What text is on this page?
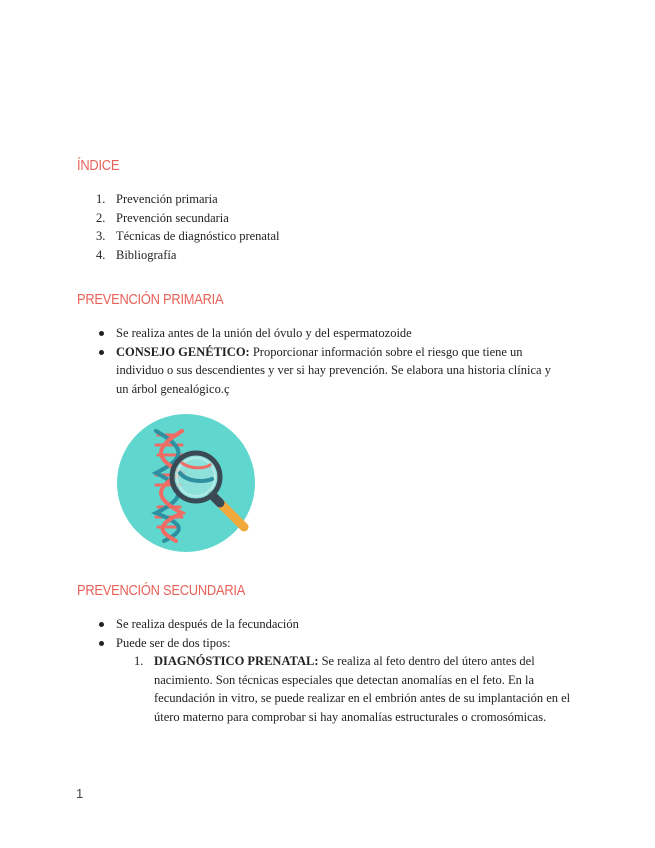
ÍNDICE
1. Prevención primaria
2. Prevención secundaria
3. Técnicas de diagnóstico prenatal
4. Bibliografía
PREVENCIÓN PRIMARIA
Se realiza antes de la unión del óvulo y del espermatozoide
CONSEJO GENÉTICO: Proporcionar información sobre el riesgo que tiene un individuo o sus descendientes y ver si hay prevención. Se elabora una historia clínica y un árbol genealógico.ç
PREVENCIÓN SECUNDARIA
Se realiza después de la fecundación
Puede ser de dos tipos:
1. DIAGNÓSTICO PRENATAL: Se realiza al feto dentro del útero antes del nacimiento. Son técnicas especiales que detectan anomalías en el feto. En la fecundación in vitro, se puede realizar en el embrión antes de su implantación en el útero materno para comprobar si hay anomalías estructurales o cromosómicas.
1
